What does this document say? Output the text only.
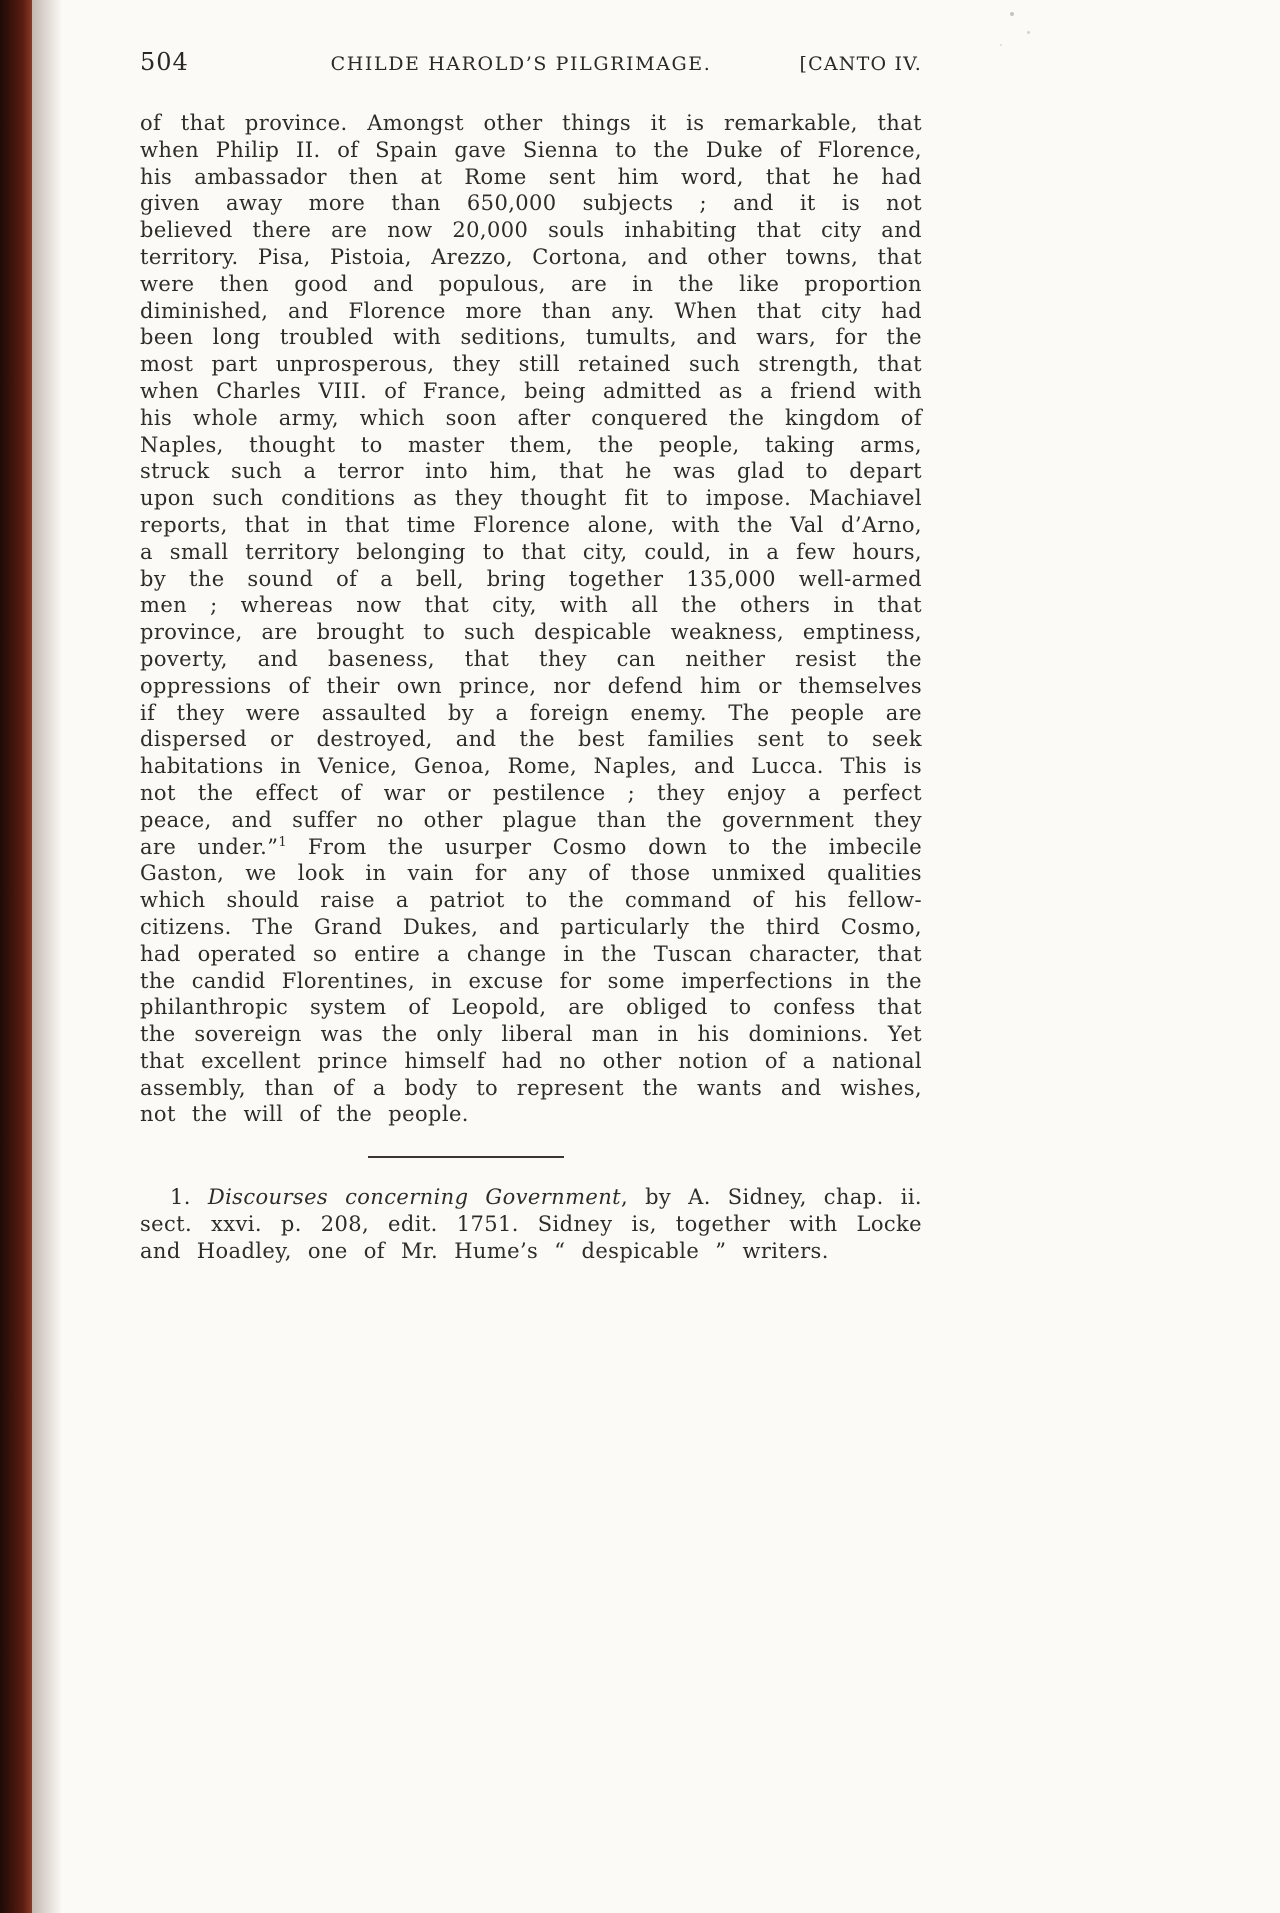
504	CHILDE HAROLD’S PILGRIMAGE.	[CANTO IV.

of that province. Amongst other things it is remarkable, that when Philip II. of Spain gave Sienna to the Duke of Florence, his ambassador then at Rome sent him word, that he had given away more than 650,000 subjects ; and it is not believed there are now 20,000 souls inhabiting that city and territory. Pisa, Pistoia, Arezzo, Cortona, and other towns, that were then good and populous, are in the like proportion diminished, and Florence more than any. When that city had been long troubled with seditions, tumults, and wars, for the most part unprosperous, they still retained such strength, that when Charles VIII. of France, being admitted as a friend with his whole army, which soon after conquered the kingdom of Naples, thought to master them, the people, taking arms, struck such a terror into him, that he was glad to depart upon such conditions as they thought fit to impose. Machiavel reports, that in that time Florence alone, with the Val d’Arno, a small territory belonging to that city, could, in a few hours, by the sound of a bell, bring together 135,000 well-armed men ; whereas now that city, with all the others in that province, are brought to such despicable weakness, emptiness, poverty, and baseness, that they can neither resist the oppressions of their own prince, nor defend him or themselves if they were assaulted by a foreign enemy. The people are dispersed or destroyed, and the best families sent to seek habitations in Venice, Genoa, Rome, Naples, and Lucca. This is not the effect of war or pestilence ; they enjoy a perfect peace, and suffer no other plague than the government they are under.”$^1$ From the usurper Cosmo down to the imbecile Gaston, we look in vain for any of those unmixed qualities which should raise a patriot to the command of his fellow-citizens. The Grand Dukes, and particularly the third Cosmo, had operated so entire a change in the Tuscan character, that the candid Florentines, in excuse for some imperfections in the philanthropic system of Leopold, are obliged to confess that the sovereign was the only liberal man in his dominions. Yet that excellent prince himself had no other notion of a national assembly, than of a body to represent the wants and wishes, not the will of the people.

1. Discourses concerning Government, by A. Sidney, chap. ii. sect. xxvi. p. 208, edit. 1751. Sidney is, together with Locke and Hoadley, one of Mr. Hume’s “ despicable ” writers.
